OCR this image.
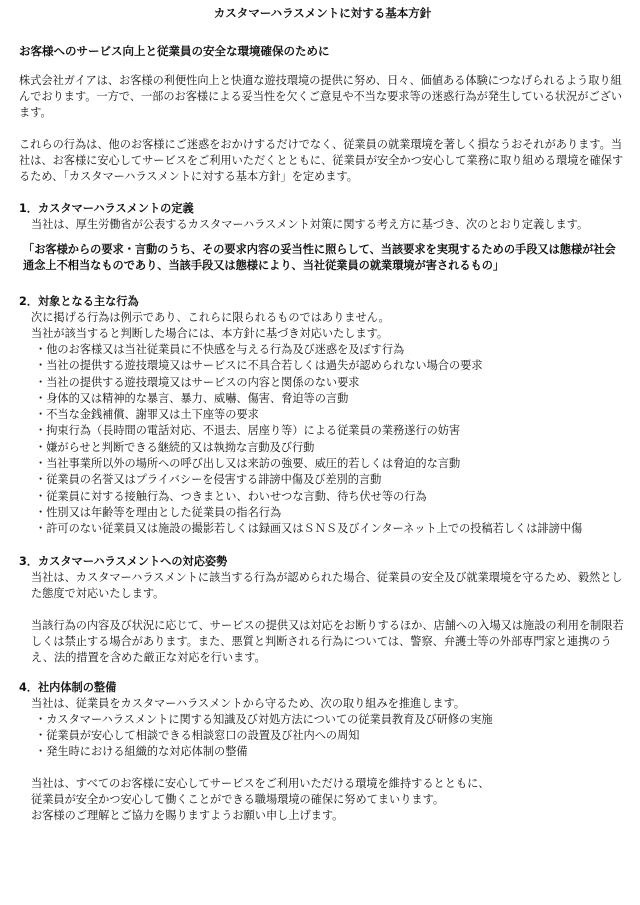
カスタマーハラスメントに対する基本方針
お客様へのサービス向上と従業員の安全な環境確保のために

株式会社ガイアは、お客様の利便性向上と快適な遊技環境の提供に努め、日々、価値ある体験につなげられるよう取り組んでおります。一方で、一部のお客様による妥当性を欠くご意見や不当な要求等の迷惑行為が発生している状況がございます。

これらの行為は、他のお客様にご迷惑をおかけするだけでなく、従業員の就業環境を著しく損なうおそれがあります。当社は、お客様に安心してサービスをご利用いただくとともに、従業員が安全かつ安心して業務に取り組める環境を確保するため、「カスタマーハラスメントに対する基本方針」を定めます。

1．カスタマーハラスメントの定義

当社は、厚生労働省が公表するカスタマーハラスメント対策に関する考え方に基づき、次のとおり定義します。

「お客様からの要求・言動のうち、その要求内容の妥当性に照らして、当該要求を実現するための手段又は態様が社会通念上不相当なものであり、当該手段又は態様により、当社従業員の就業環境が害されるもの」

2．対象となる主な行為

次に掲げる行為は例示であり、これらに限られるものではありません。

当社が該当すると判断した場合には、本方針に基づき対応いたします。

・他のお客様又は当社従業員に不快感を与える行為及び迷惑を及ぼす行為
・当社の提供する遊技環境又はサービスに不具合若しくは過失が認められない場合の要求
・当社の提供する遊技環境又はサービスの内容と関係のない要求
・身体的又は精神的な暴言、暴力、威嚇、傷害、脅迫等の言動
・不当な金銭補償、謝罪又は土下座等の要求
・拘束行為（長時間の電話対応、不退去、居座り等）による従業員の業務遂行の妨害
・嫌がらせと判断できる継続的又は執拗な言動及び行動
・当社事業所以外の場所への呼び出し又は来訪の強要、威圧的若しくは脅迫的な言動
・従業員の名誉又はプライバシーを侵害する誹謗中傷及び差別的言動
・従業員に対する接触行為、つきまとい、わいせつな言動、待ち伏せ等の行為
・性別又は年齢等を理由とした従業員の指名行為
・許可のない従業員又は施設の撮影若しくは録画又はＳＮＳ及びインターネット上での投稿若しくは誹謗中傷
3．カスタマーハラスメントへの対応姿勢

当社は、カスタマーハラスメントに該当する行為が認められた場合、従業員の安全及び就業環境を守るため、毅然とした態度で対応いたします。

当該行為の内容及び状況に応じて、サービスの提供又は対応をお断りするほか、店舗への入場又は施設の利用を制限若しくは禁止する場合があります。また、悪質と判断される行為については、警察、弁護士等の外部専門家と連携のうえ、法的措置を含めた厳正な対応を行います。

4．社内体制の整備

当社は、従業員をカスタマーハラスメントから守るため、次の取り組みを推進します。

・カスタマーハラスメントに関する知識及び対処方法についての従業員教育及び研修の実施
・従業員が安心して相談できる相談窓口の設置及び社内への周知
・発生時における組織的な対応体制の整備

当社は、すべてのお客様に安心してサービスをご利用いただける環境を維持するとともに、

従業員が安全かつ安心して働くことができる職場環境の確保に努めてまいります。

お客様のご理解とご協力を賜りますようお願い申し上げます。
